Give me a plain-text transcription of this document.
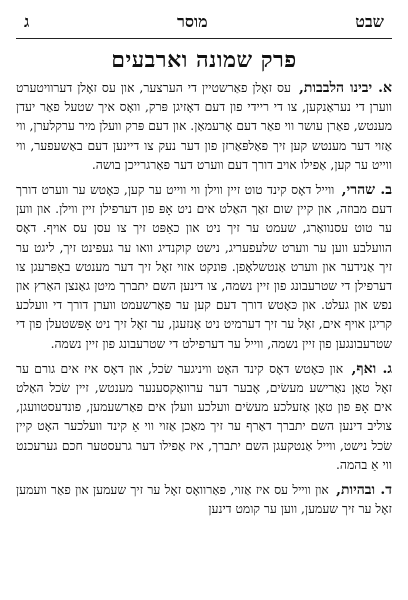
שבט
מוסר
ג
פרק שמונה וארבעים

א. יבינו הלבבות, עס זאָלן פאַרשטיין די הערצער, און עס זאָלן דערוויטערט ווערן די נעראַנקען, צו די ריידי פון דעם דאָזיגן פּרק, וואָס איך שטעל פאַר יעדן מענטש, פאַרן עושר ווי פאַר דעם אָרעמאַן. און דעם פּרק וועלן מיר ערקלערן, ווי אַזוי דער מענטש קען זיך פאַלפּאַרזן פון דער נעק צו דיינען דעם באַשעפער, ווי ווייט ער קען, אַפילו אויב דורך דעם ווערט דער פאַרגרייכן בושה.

ב. שהרי, ווייל דאָס קינד טוט זיין ווילן ווי ווייט ער קען, כּאָטש ער ווערט דורך דעם מבוזה, און קיין שום זאַך האַלט אים ניט אָפּ פון דערפילן זיין ווילן. און ווען ער טוט עסנוואַרג, שעמט ער זיך ניט און כאַפּט זיך צו עסן עס אויף. דאָס הוועלבע ווען ער ווערט שלעפעריג, נישט קוקנדיג וואו ער געפינט זיך, ליגט ער זיך אַנידער און ווערט אַנטשלאָפן. פּונקט אזוי זאָל זיך דער מענטש באַפּרעגן צו דערפילן די שטרעבונג פון זיין נשמה, צו דינען השם יתברך מיטן גאַנצן האַרץ און נפש און געלט. און כּאָטש דורך דעם קען ער פאַרשעמט ווערן דורך די וועלכע קריגן אויף אים, זאָל ער זיך דערמיט ניט אָנזעגן, ער זאָל זיך ניט אָפּשטעלן פון די שטרעבונגען פון זיין נשמה, ווייל ער דערפילט די שטרעבונג פון זיין נשמה.

ג. ואף, און כּאָטש דאָס קינד האָט וויניגער שׂכל, און דאָס איז אים גורם ער זאָל טאָן נאַרישע מעשׂים, אָבער דער ערוואַקסענער מענטש, זיין שׂכל האַלט אים אָפּ פון טאָן אַזעלכע מעשׂים וועלכע וועלן אים פאַרשעמען, פונדעסטוועגן, צוליב דינען השם יתברך דאַרף ער זיך מאַכן אַזוי ווי אַ קינד וועלכער האָט קיין שׂכל נישט, ווייל אַנטקעגן השם יתברך, איז אַפילו דער גרעסטער חכם גערעכנט ווי אַ בהמה.

ד. ובהיות, און ווייל עס איז אַזוי, פאַרוואָס זאָל ער זיך שעמען און פאַר וועמען זאָל ער זיך שעמען, ווען ער קומט דינען
